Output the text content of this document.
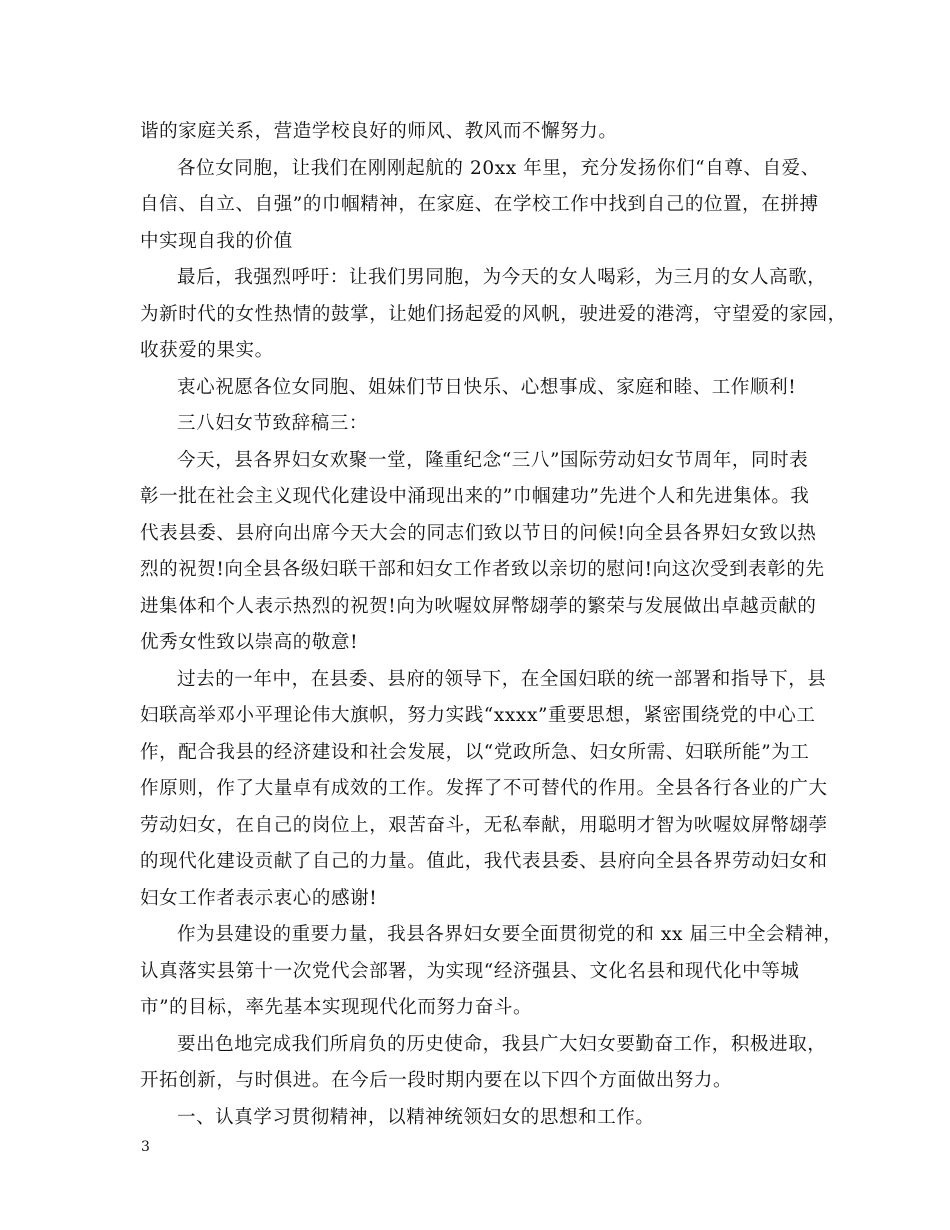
谐的家庭关系，营造学校良好的师风、教风而不懈努力。
各位女同胞，让我们在刚刚起航的 20xx 年里，充分发扬你们“自尊、自爱、
自信、自立、自强”的巾帼精神，在家庭、在学校工作中找到自己的位置，在拼搏
中实现自我的价值
最后，我强烈呼吁：让我们男同胞，为今天的女人喝彩，为三月的女人高歌，
为新时代的女性热情的鼓掌，让她们扬起爱的风帆，驶进爱的港湾，守望爱的家园，
收获爱的果实。
衷心祝愿各位女同胞、姐妹们节日快乐、心想事成、家庭和睦、工作顺利!
三八妇女节致辞稿三：
今天，县各界妇女欢聚一堂，隆重纪念“三八”国际劳动妇女节周年，同时表
彰一批在社会主义现代化建设中涌现出来的”巾帼建功”先进个人和先进集体。我
代表县委、县府向出席今天大会的同志们致以节日的问候!向全县各界妇女致以热
烈的祝贺!向全县各级妇联干部和妇女工作者致以亲切的慰问!向这次受到表彰的先
进集体和个人表示热烈的祝贺!向为吙喔妏屏幣翃荸的繁荣与发展做出卓越贡献的
优秀女性致以崇高的敬意!
过去的一年中，在县委、县府的领导下，在全国妇联的统一部署和指导下，县
妇联高举邓小平理论伟大旗帜，努力实践“xxxx”重要思想，紧密围绕党的中心工
作，配合我县的经济建设和社会发展，以“党政所急、妇女所需、妇联所能”为工
作原则，作了大量卓有成效的工作。发挥了不可替代的作用。全县各行各业的广大
劳动妇女，在自己的岗位上，艰苦奋斗，无私奉献，用聪明才智为吙喔妏屏幣翃荸
的现代化建设贡献了自己的力量。值此，我代表县委、县府向全县各界劳动妇女和
妇女工作者表示衷心的感谢!
作为县建设的重要力量，我县各界妇女要全面贯彻党的和 xx 届三中全会精神，
认真落实县第十一次党代会部署，为实现“经济强县、文化名县和现代化中等城
市”的目标，率先基本实现现代化而努力奋斗。
要出色地完成我们所肩负的历史使命，我县广大妇女要勤奋工作，积极进取，
开拓创新，与时俱进。在今后一段时期内要在以下四个方面做出努力。
一、认真学习贯彻精神，以精神统领妇女的思想和工作。
3
